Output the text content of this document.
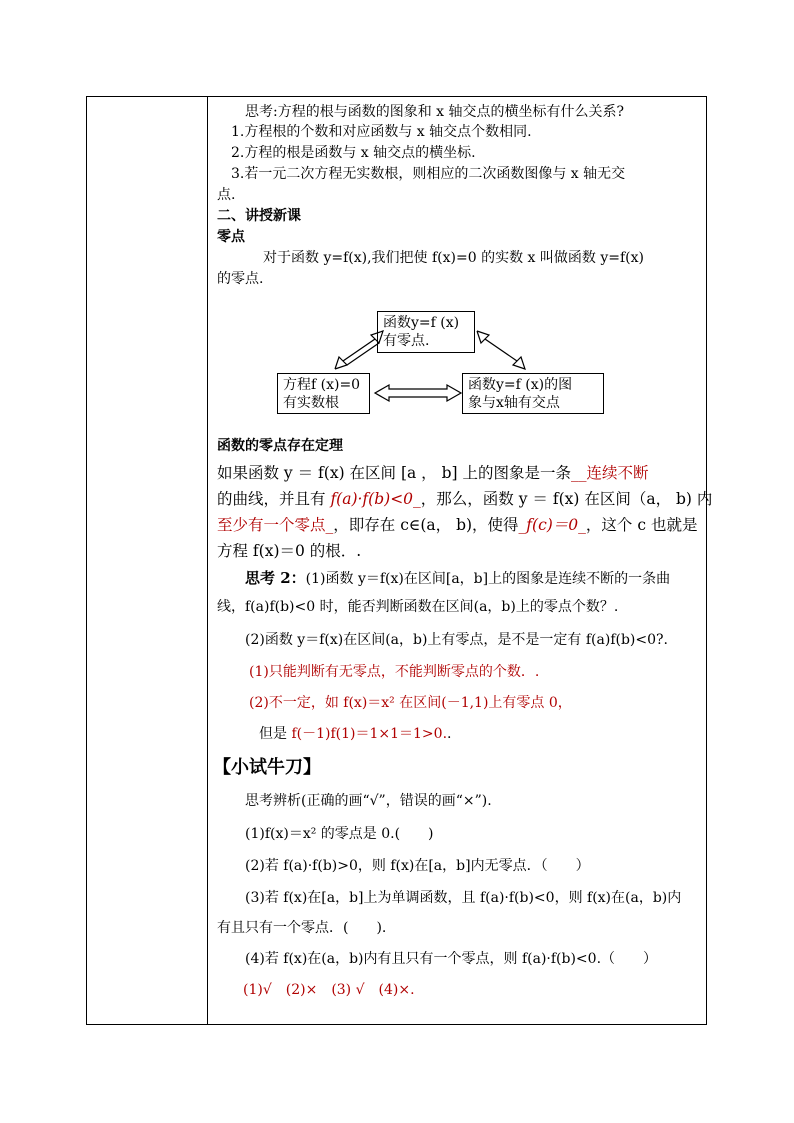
思考:方程的根与函数的图象和 x 轴交点的横坐标有什么关系?
1.方程根的个数和对应函数与 x 轴交点个数相同.
2.方程的根是函数与 x 轴交点的横坐标.
3.若一元二次方程无实数根，则相应的二次函数图像与 x 轴无交
点.
二、讲授新课
零点
对于函数 y=f(x),我们把使 f(x)=0 的实数 x 叫做函数 y=f(x)
的零点.
函数y=f (x)
有零点.
方程f (x)=0
有实数根
函数y=f (x)的图
象与x轴有交点
函数的零点存在定理
如果函数 y ＝ f(x) 在区间 [a ， b] 上的图象是一条__连续不断
的曲线，并且有 f(a)·f(b)<0_，那么，函数 y ＝ f(x) 在区间（a， b) 内
至少有一个零点_，即存在 c∈(a， b)，使得_f(c)＝0_，这个 c 也就是
方程 f(x)＝0 的根．.
思考 2：(1)函数 y＝f(x)在区间[a，b]上的图象是连续不断的一条曲
线，f(a)f(b)<0 时，能否判断函数在区间(a，b)上的零点个数？.
(2)函数 y＝f(x)在区间(a，b)上有零点，是不是一定有 f(a)f(b)<0?.
(1)只能判断有无零点，不能判断零点的个数．.
(2)不一定，如 f(x)＝x² 在区间(－1,1)上有零点 0，
但是 f(－1)f(1)＝1×1＝1>0..
【小试牛刀】
思考辨析(正确的画“√”，错误的画“×”).
(1)f(x)＝x² 的零点是 0.(　　)
(2)若 f(a)·f(b)>0，则 f(x)在[a，b]内无零点．（　　）
(3)若 f(x)在[a，b]上为单调函数，且 f(a)·f(b)<0，则 f(x)在(a，b)内
有且只有一个零点．(　　).
(4)若 f(x)在(a，b)内有且只有一个零点，则 f(a)·f(b)<0.（　　）
(1)√　(2)×　(3) √　(4)×.
